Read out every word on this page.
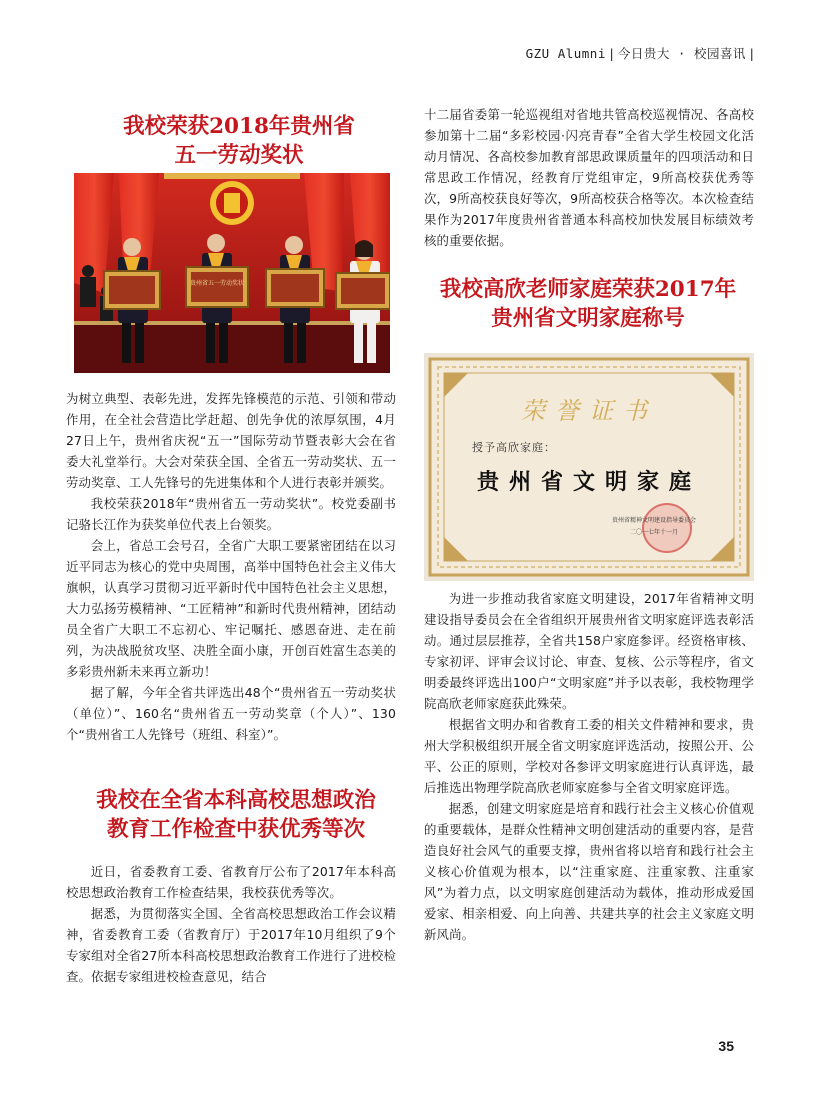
GZU Alumni | 今日贵大 · 校园喜讯 |
我校荣获2018年贵州省
五一劳动奖状
贵州省五一劳动奖状

为树立典型、表彰先进，发挥先锋模范的示范、引领和带动作用，在全社会营造比学赶超、创先争优的浓厚氛围，4月27日上午，贵州省庆祝“五一”国际劳动节暨表彰大会在省委大礼堂举行。大会对荣获全国、全省五一劳动奖状、五一劳动奖章、工人先锋号的先进集体和个人进行表彰并颁奖。

我校荣获2018年“贵州省五一劳动奖状”。校党委副书记骆长江作为获奖单位代表上台领奖。

会上，省总工会号召，全省广大职工要紧密团结在以习近平同志为核心的党中央周围，高举中国特色社会主义伟大旗帜，认真学习贯彻习近平新时代中国特色社会主义思想，大力弘扬劳模精神、“工匠精神”和新时代贵州精神，团结动员全省广大职工不忘初心、牢记嘱托、感恩奋进、走在前列，为决战脱贫攻坚、决胜全面小康，开创百姓富生态美的多彩贵州新未来再立新功！

据了解，今年全省共评选出48个“贵州省五一劳动奖状（单位）”、160名“贵州省五一劳动奖章（个人）”、130个“贵州省工人先锋号（班组、科室）”。

我校在全省本科高校思想政治
教育工作检查中获优秀等次

近日，省委教育工委、省教育厅公布了2017年本科高校思想政治教育工作检查结果，我校获优秀等次。

据悉，为贯彻落实全国、全省高校思想政治工作会议精神，省委教育工委（省教育厅）于2017年10月组织了9个专家组对全省27所本科高校思想政治教育工作进行了进校检查。依据专家组进校检查意见，结合

十二届省委第一轮巡视组对省地共管高校巡视情况、各高校参加第十二届“多彩校园·闪亮青春”全省大学生校园文化活动月情况、各高校参加教育部思政课质量年的四项活动和日常思政工作情况，经教育厅党组审定，9所高校获优秀等次，9所高校获良好等次，9所高校获合格等次。本次检查结果作为2017年度贵州省普通本科高校加快发展目标绩效考核的重要依据。

我校高欣老师家庭荣获2017年
贵州省文明家庭称号
荣誉证书
授予高欣家庭：
贵州省文明家庭
贵州省精神文明建设指导委员会
二〇一七年十一月

为进一步推动我省家庭文明建设，2017年省精神文明建设指导委员会在全省组织开展贵州省文明家庭评选表彰活动。通过层层推荐，全省共158户家庭参评。经资格审核、专家初评、评审会议讨论、审查、复核、公示等程序，省文明委最终评选出100户“文明家庭”并予以表彰，我校物理学院高欣老师家庭获此殊荣。

根据省文明办和省教育工委的相关文件精神和要求，贵州大学积极组织开展全省文明家庭评选活动，按照公开、公平、公正的原则，学校对各参评文明家庭进行认真评选，最后推选出物理学院高欣老师家庭参与全省文明家庭评选。

据悉，创建文明家庭是培育和践行社会主义核心价值观的重要载体，是群众性精神文明创建活动的重要内容，是营造良好社会风气的重要支撑，贵州省将以培育和践行社会主义核心价值观为根本，以“注重家庭、注重家教、注重家风”为着力点，以文明家庭创建活动为载体，推动形成爱国爱家、相亲相爱、向上向善、共建共享的社会主义家庭文明新风尚。

35
